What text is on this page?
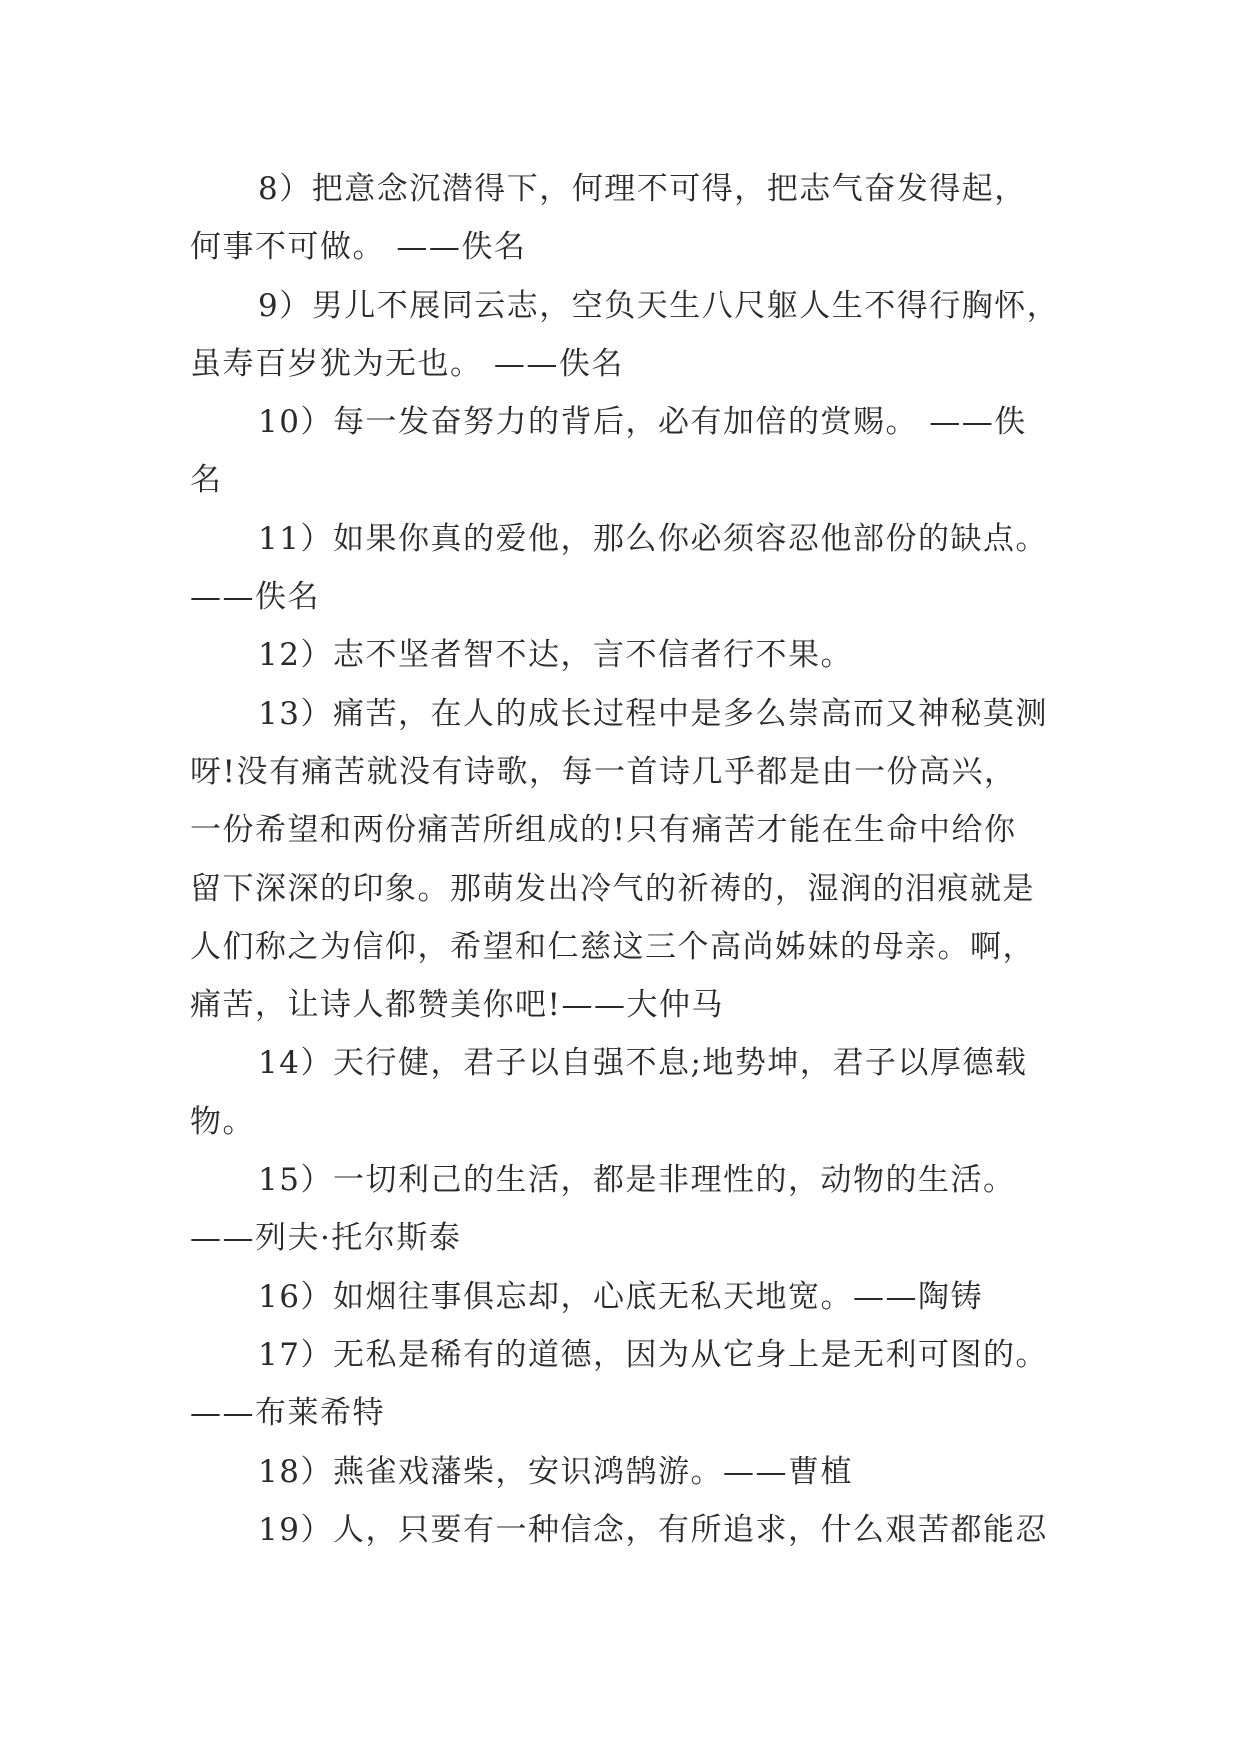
8）把意念沉潜得下，何理不可得，把志气奋发得起，
何事不可做。 ——佚名
9）男儿不展同云志，空负天生八尺躯人生不得行胸怀，
虽寿百岁犹为无也。 ——佚名
10）每一发奋努力的背后，必有加倍的赏赐。 ——佚
名
11）如果你真的爱他，那么你必须容忍他部份的缺点。
——佚名
12）志不坚者智不达，言不信者行不果。
13）痛苦，在人的成长过程中是多么崇高而又神秘莫测
呀!没有痛苦就没有诗歌，每一首诗几乎都是由一份高兴，
一份希望和两份痛苦所组成的!只有痛苦才能在生命中给你
留下深深的印象。那萌发出冷气的祈祷的，湿润的泪痕就是
人们称之为信仰，希望和仁慈这三个高尚姊妹的母亲。啊，
痛苦，让诗人都赞美你吧!——大仲马
14）天行健，君子以自强不息;地势坤，君子以厚德载
物。
15）一切利己的生活，都是非理性的，动物的生活。
——列夫·托尔斯泰
16）如烟往事俱忘却，心底无私天地宽。——陶铸
17）无私是稀有的道德，因为从它身上是无利可图的。
——布莱希特
18）燕雀戏藩柴，安识鸿鹄游。——曹植
19）人，只要有一种信念，有所追求，什么艰苦都能忍
